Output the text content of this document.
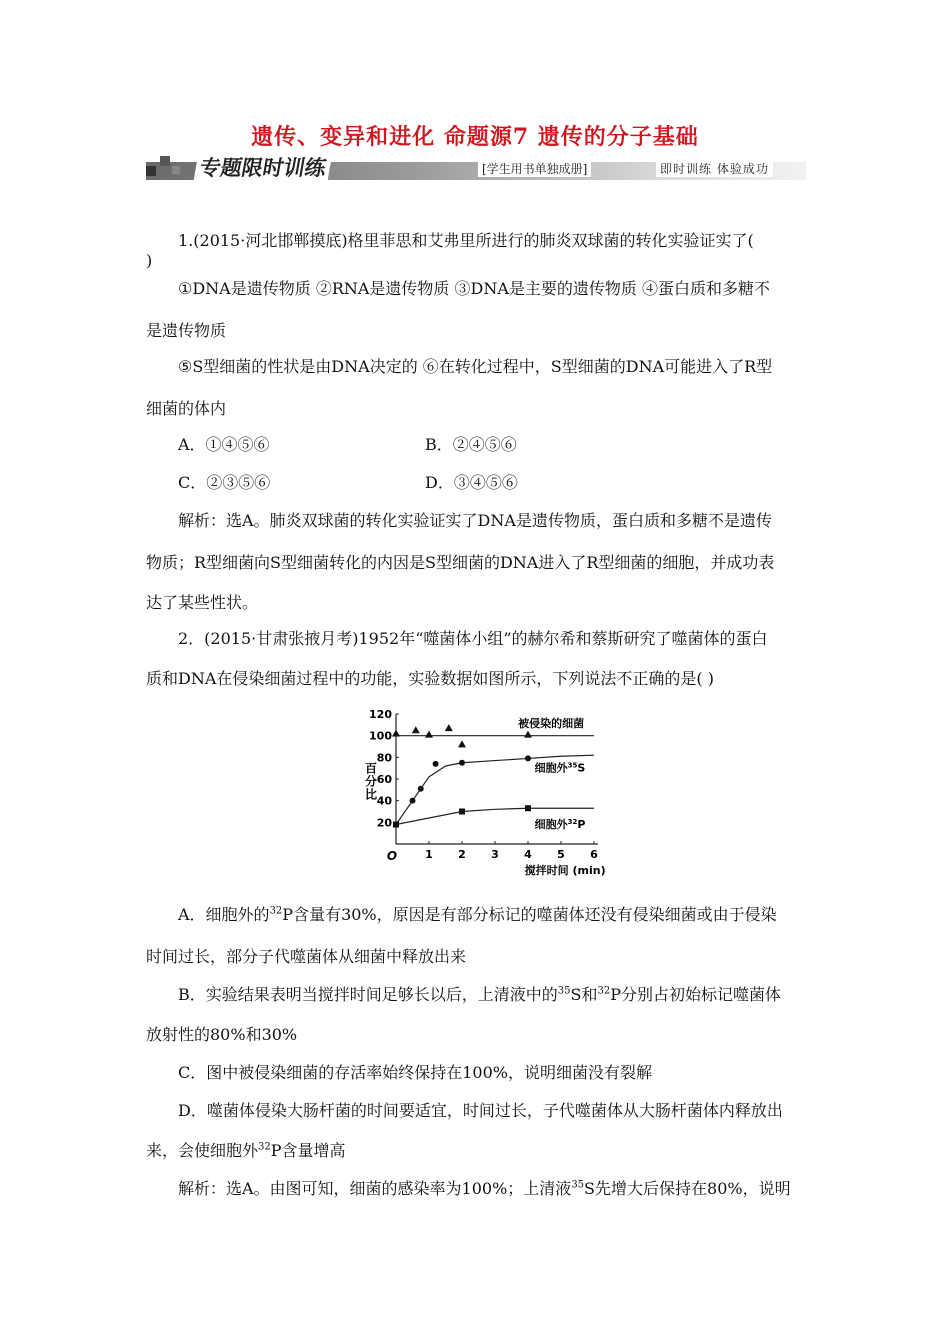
遗传、变异和进化 命题源7 遗传的分子基础
专题限时训练	[学生用书单独成册]	即时训练 体验成功
1.(2015·河北邯郸摸底)格里菲思和艾弗里所进行的肺炎双球菌的转化实验证实了(
)
①DNA是遗传物质 ②RNA是遗传物质 ③DNA是主要的遗传物质 ④蛋白质和多糖不
是遗传物质
⑤S型细菌的性状是由DNA决定的 ⑥在转化过程中，S型细菌的DNA可能进入了R型
细菌的体内
A．①④⑤⑥	B．②④⑤⑥
C．②③⑤⑥	D．③④⑤⑥
解析：选A。肺炎双球菌的转化实验证实了DNA是遗传物质，蛋白质和多糖不是遗传
物质；R型细菌向S型细菌转化的内因是S型细菌的DNA进入了R型细菌的细胞，并成功表
达了某些性状。
2．(2015·甘肃张掖月考)1952年“噬菌体小组”的赫尔希和蔡斯研究了噬菌体的蛋白
质和DNA在侵染细菌过程中的功能，实验数据如图所示，下列说法不正确的是( )
1 2 3 4 5 6
O
20
40
60
80
100
120
百
分
比
搅拌时间 (min)
被侵染的细菌
细胞外$^{35}$S
细胞外$^{32}$P
A．细胞外的$^{32}$P含量有30%，原因是有部分标记的噬菌体还没有侵染细菌或由于侵染
时间过长，部分子代噬菌体从细菌中释放出来
B．实验结果表明当搅拌时间足够长以后，上清液中的$^{35}$S和$^{32}$P分别占初始标记噬菌体
放射性的80%和30%
C．图中被侵染细菌的存活率始终保持在100%，说明细菌没有裂解
D．噬菌体侵染大肠杆菌的时间要适宜，时间过长，子代噬菌体从大肠杆菌体内释放出
来，会使细胞外$^{32}$P含量增高
解析：选A。由图可知，细菌的感染率为100%；上清液$^{35}$S先增大后保持在80%，说明
